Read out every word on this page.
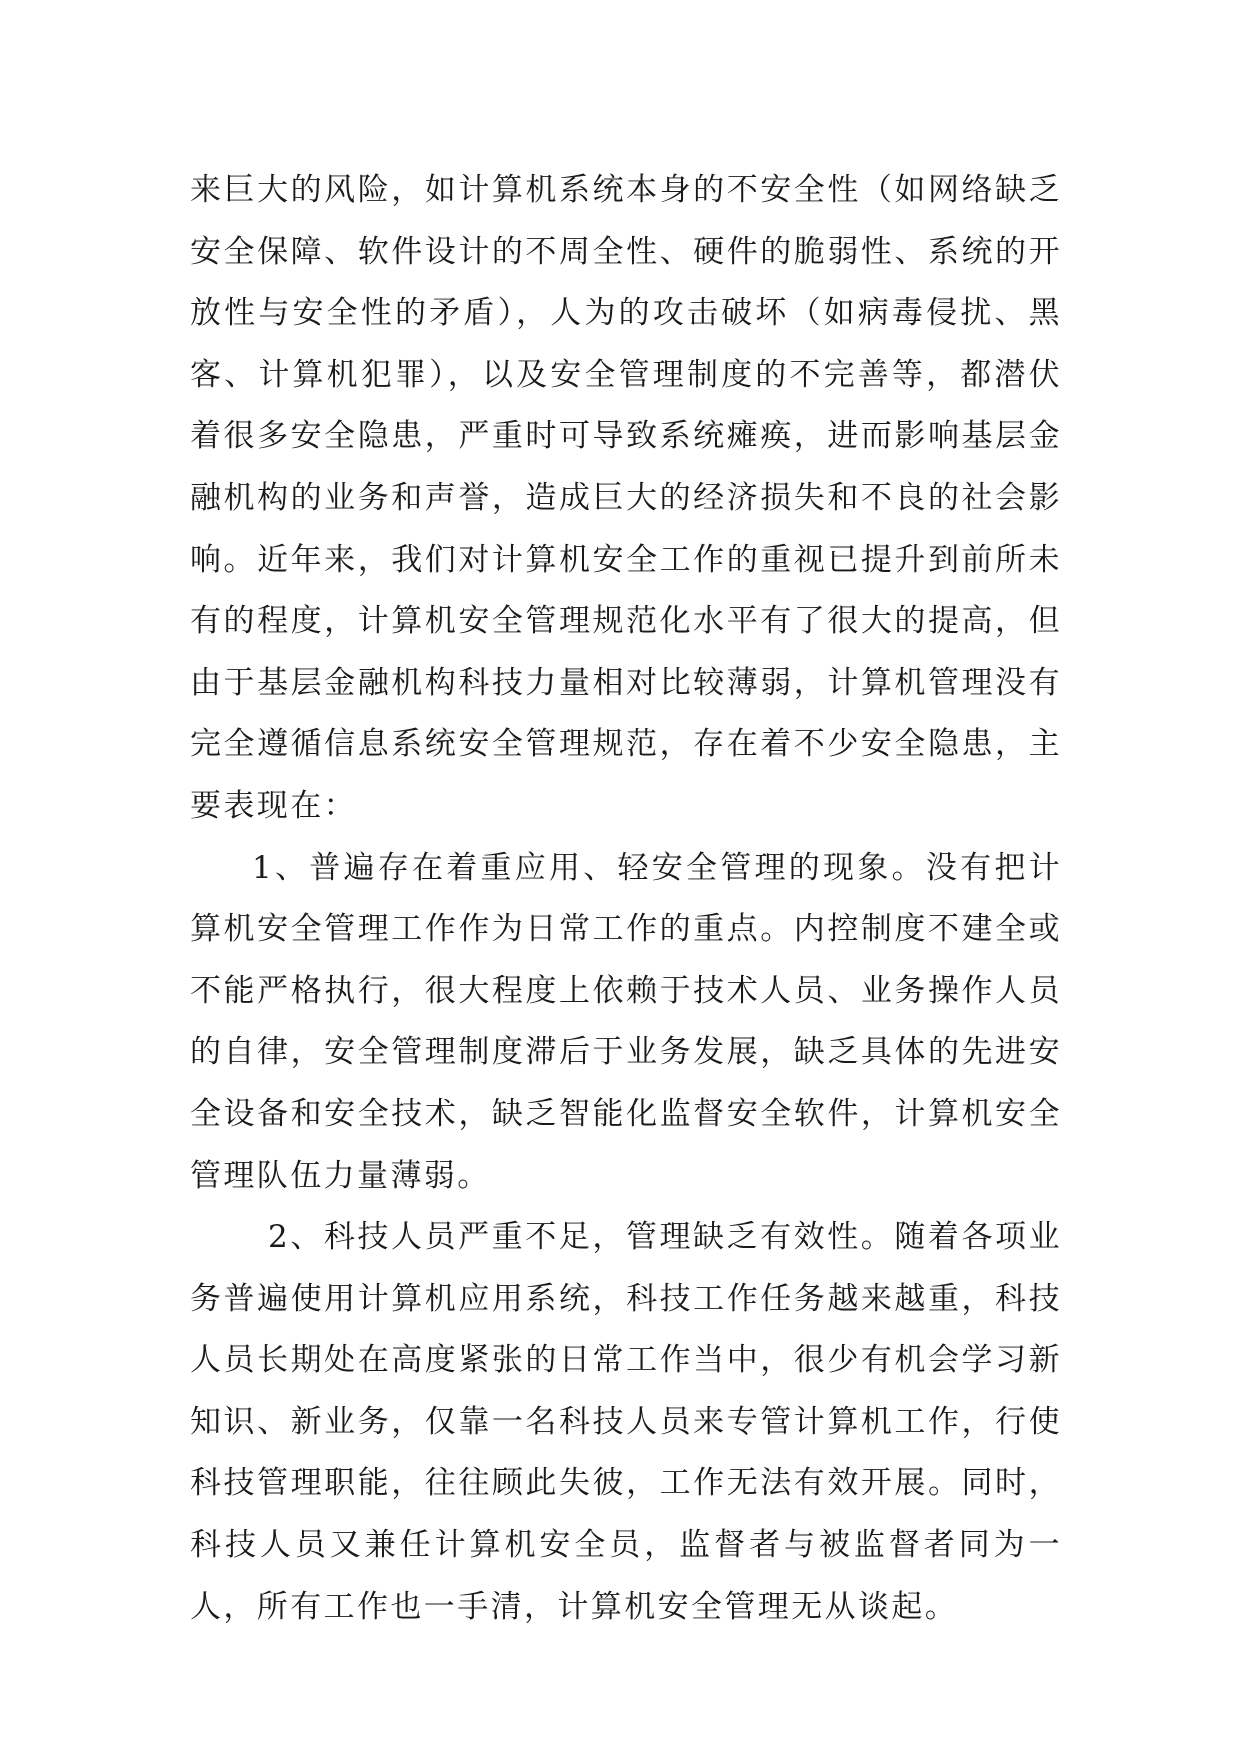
来巨大的风险，如计算机系统本身的不安全性（如网络缺乏安全保障、软件设计的不周全性、硬件的脆弱性、系统的开放性与安全性的矛盾），人为的攻击破坏（如病毒侵扰、黑客、计算机犯罪），以及安全管理制度的不完善等，都潜伏着很多安全隐患，严重时可导致系统瘫痪，进而影响基层金融机构的业务和声誉，造成巨大的经济损失和不良的社会影响。近年来，我们对计算机安全工作的重视已提升到前所未有的程度，计算机安全管理规范化水平有了很大的提高，但由于基层金融机构科技力量相对比较薄弱，计算机管理没有完全遵循信息系统安全管理规范，存在着不少安全隐患，主要表现在：

1、普遍存在着重应用、轻安全管理的现象。没有把计算机安全管理工作作为日常工作的重点。内控制度不建全或不能严格执行，很大程度上依赖于技术人员、业务操作人员的自律，安全管理制度滞后于业务发展，缺乏具体的先进安全设备和安全技术，缺乏智能化监督安全软件，计算机安全管理队伍力量薄弱。

2、科技人员严重不足，管理缺乏有效性。随着各项业务普遍使用计算机应用系统，科技工作任务越来越重，科技人员长期处在高度紧张的日常工作当中，很少有机会学习新知识、新业务，仅靠一名科技人员来专管计算机工作，行使科技管理职能，往往顾此失彼，工作无法有效开展。同时，科技人员又兼任计算机安全员，监督者与被监督者同为一人，所有工作也一手清，计算机安全管理无从谈起。
